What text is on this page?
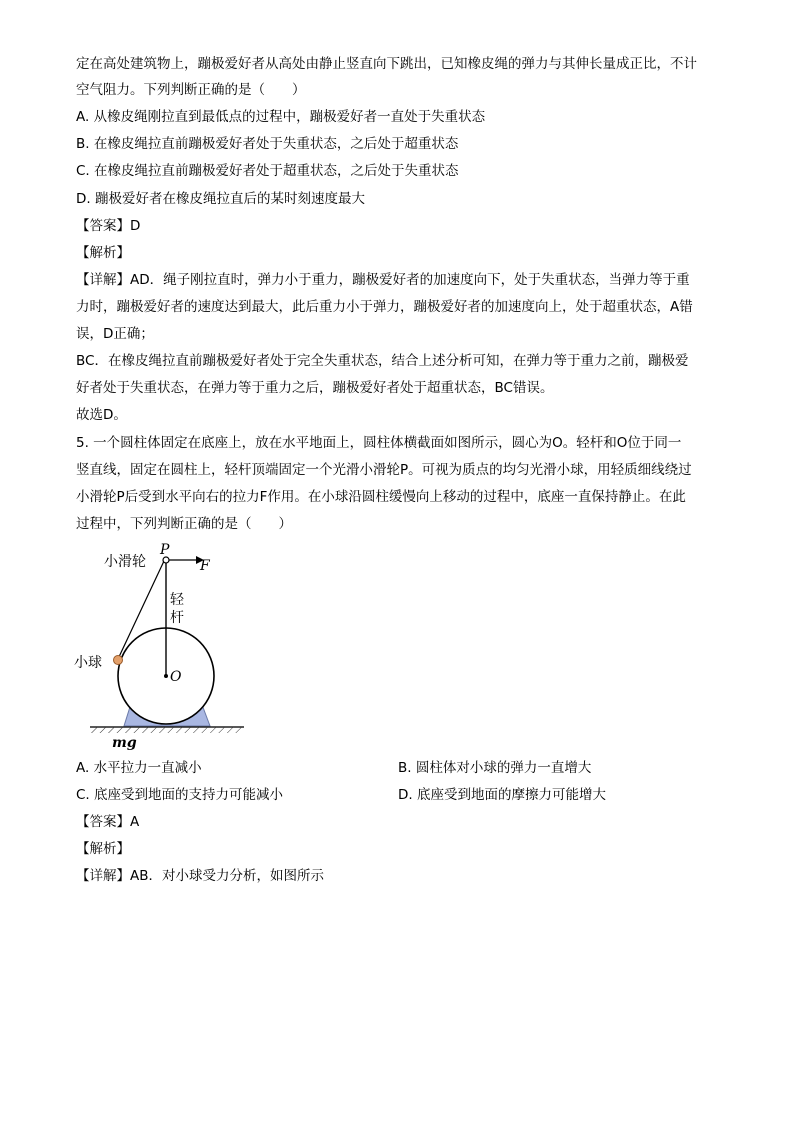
定在高处建筑物上，蹦极爱好者从高处由静止竖直向下跳出，已知橡皮绳的弹力与其伸长量成正比，不计
空气阻力。下列判断正确的是（　　）
A. 从橡皮绳刚拉直到最低点的过程中，蹦极爱好者一直处于失重状态
B. 在橡皮绳拉直前蹦极爱好者处于失重状态，之后处于超重状态
C. 在橡皮绳拉直前蹦极爱好者处于超重状态，之后处于失重状态
D. 蹦极爱好者在橡皮绳拉直后的某时刻速度最大
【答案】D
【解析】
【详解】AD．绳子刚拉直时，弹力小于重力，蹦极爱好者的加速度向下，处于失重状态，当弹力等于重
力时，蹦极爱好者的速度达到最大，此后重力小于弹力，蹦极爱好者的加速度向上，处于超重状态，A错
误，D正确；
BC．在橡皮绳拉直前蹦极爱好者处于完全失重状态，结合上述分析可知，在弹力等于重力之前，蹦极爱
好者处于失重状态，在弹力等于重力之后，蹦极爱好者处于超重状态，BC错误。
故选D。
5. 一个圆柱体固定在底座上，放在水平地面上，圆柱体横截面如图所示，圆心为O。轻杆和O位于同一
竖直线，固定在圆柱上，轻杆顶端固定一个光滑小滑轮P。可视为质点的均匀光滑小球，用轻质细线绕过
小滑轮P后受到水平向右的拉力F作用。在小球沿圆柱缓慢向上移动的过程中，底座一直保持静止。在此
过程中，下列判断正确的是（　　）
小滑轮
P
F
轻
杆
小球
O
mg
A. 水平拉力一直减小	B. 圆柱体对小球的弹力一直增大
C. 底座受到地面的支持力可能减小	D. 底座受到地面的摩擦力可能增大
【答案】A
【解析】
【详解】AB．对小球受力分析，如图所示
